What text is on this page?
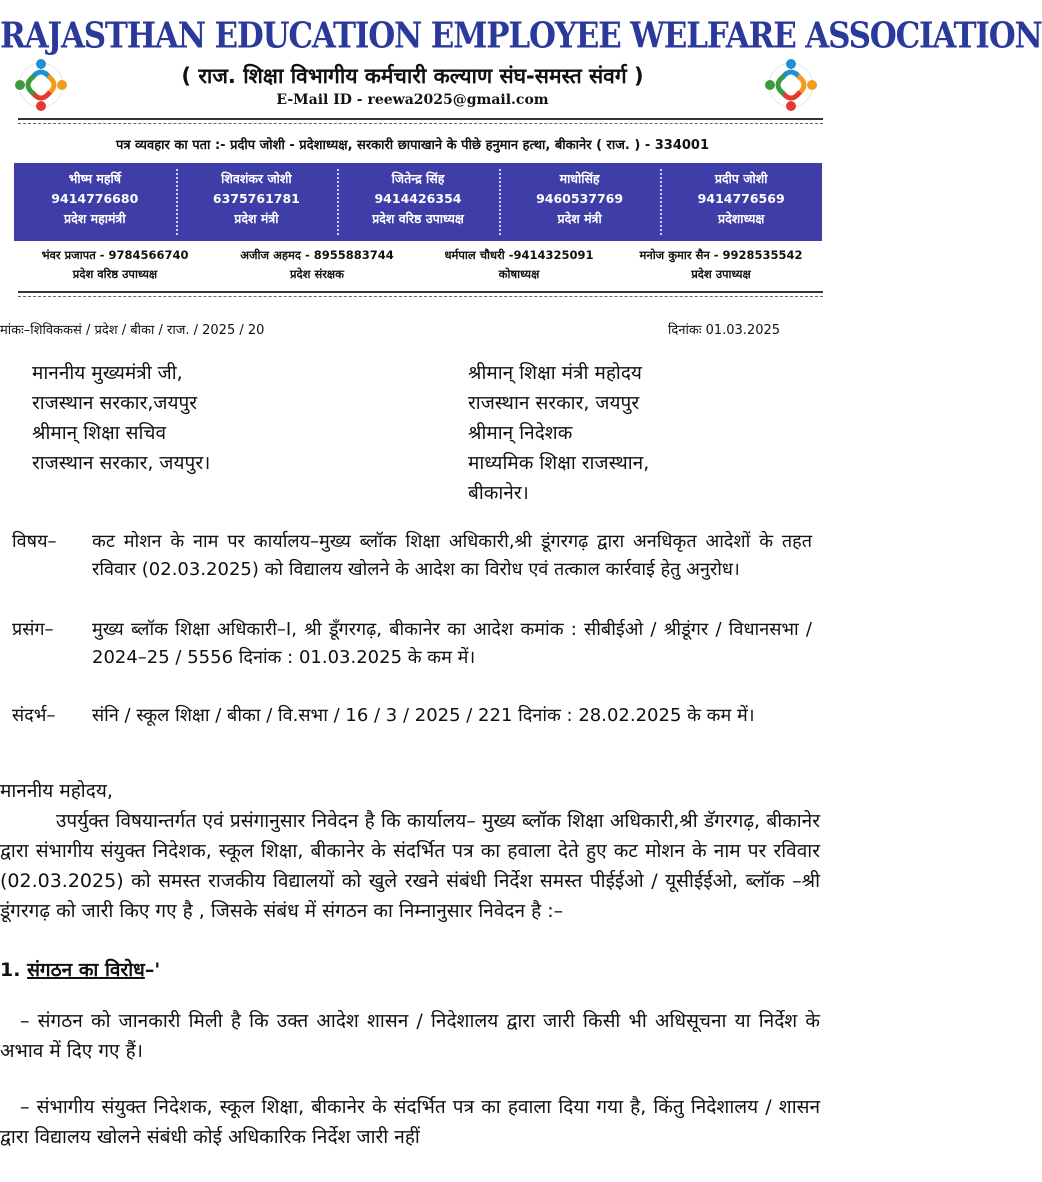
RAJASTHAN EDUCATION EMPLOYEE WELFARE ASSOCIATION
( राज. शिक्षा विभागीय कर्मचारी कल्याण संघ-समस्त संवर्ग )
E-Mail ID - reewa2025@gmail.com
पत्र व्यवहार का पता :- प्रदीप जोशी - प्रदेशाध्यक्ष, सरकारी छापाखाने के पीछे हनुमान हत्था, बीकानेर ( राज. ) - 334001
भीष्म महर्षि
9414776680
प्रदेश महामंत्री
शिवशंकर जोशी
6375761781
प्रदेश मंत्री
जितेन्द्र सिंह
9414426354
प्रदेश वरिष्ठ उपाध्यक्ष
माधोसिंह
9460537769
प्रदेश मंत्री
प्रदीप जोशी
9414776569
प्रदेशाध्यक्ष
भंवर प्रजापत - 9784566740
प्रदेश वरिष्ठ उपाध्यक्ष
अजीज अहमद - 8955883744
प्रदेश संरक्षक
धर्मपाल चौधरी -9414325091
कोषाध्यक्ष
मनोज कुमार सैन - 9928535542
प्रदेश उपाध्यक्ष
मांकः–शिविककसं / प्रदेश / बीका / राज. / 2025 / 20	दिनांकः 01.03.2025
माननीय मुख्यमंत्री जी,
राजस्थान सरकार,जयपुर
श्रीमान् शिक्षा सचिव
राजस्थान सरकार, जयपुर।
श्रीमान् शिक्षा मंत्री महोदय
राजस्थान सरकार, जयपुर
श्रीमान् निदेशक
माध्यमिक शिक्षा राजस्थान,
बीकानेर।
विषय– कट मोशन के नाम पर कार्यालय–मुख्य ब्लॉक शिक्षा अधिकारी,श्री डूंगरगढ़ द्वारा अनधिकृत आदेशों के तहत रविवार (02.03.2025) को विद्यालय खोलने के आदेश का विरोध एवं तत्काल कार्रवाई हेतु अनुरोध।
प्रसंग– मुख्य ब्लॉक शिक्षा अधिकारी–I, श्री डूँगरगढ़, बीकानेर का आदेश कमांक : सीबीईओ / श्रीडूंगर / विधानसभा / 2024–25 / 5556 दिनांक : 01.03.2025 के कम में।
संदर्भ– संनि / स्कूल शिक्षा / बीका / वि.सभा / 16 / 3 / 2025 / 221 दिनांक : 28.02.2025 के कम में।
माननीय महोदय,
उपर्युक्त विषयान्तर्गत एवं प्रसंगानुसार निवेदन है कि कार्यालय– मुख्य ब्लॉक शिक्षा अधिकारी,श्री डॅगरगढ़, बीकानेर द्वारा संभागीय संयुक्त निदेशक, स्कूल शिक्षा, बीकानेर के संदर्भित पत्र का हवाला देते हुए कट मोशन के नाम पर रविवार (02.03.2025) को समस्त राजकीय विद्यालयों को खुले रखने संबंधी निर्देश समस्त पीईईओ / यूसीईईओ, ब्लॉक –श्री डूंगरगढ़ को जारी किए गए है , जिसके संबंध में संगठन का निम्नानुसार निवेदन है :–
1. संगठन का विरोध–'
– संगठन को जानकारी मिली है कि उक्त आदेश शासन / निदेशालय द्वारा जारी किसी भी अधिसूचना या निर्देश के अभाव में दिए गए हैं।
– संभागीय संयुक्त निदेशक, स्कूल शिक्षा, बीकानेर के संदर्भित पत्र का हवाला दिया गया है, किंतु निदेशालय / शासन द्वारा विद्यालय खोलने संबंधी कोई अधिकारिक निर्देश जारी नहीं
